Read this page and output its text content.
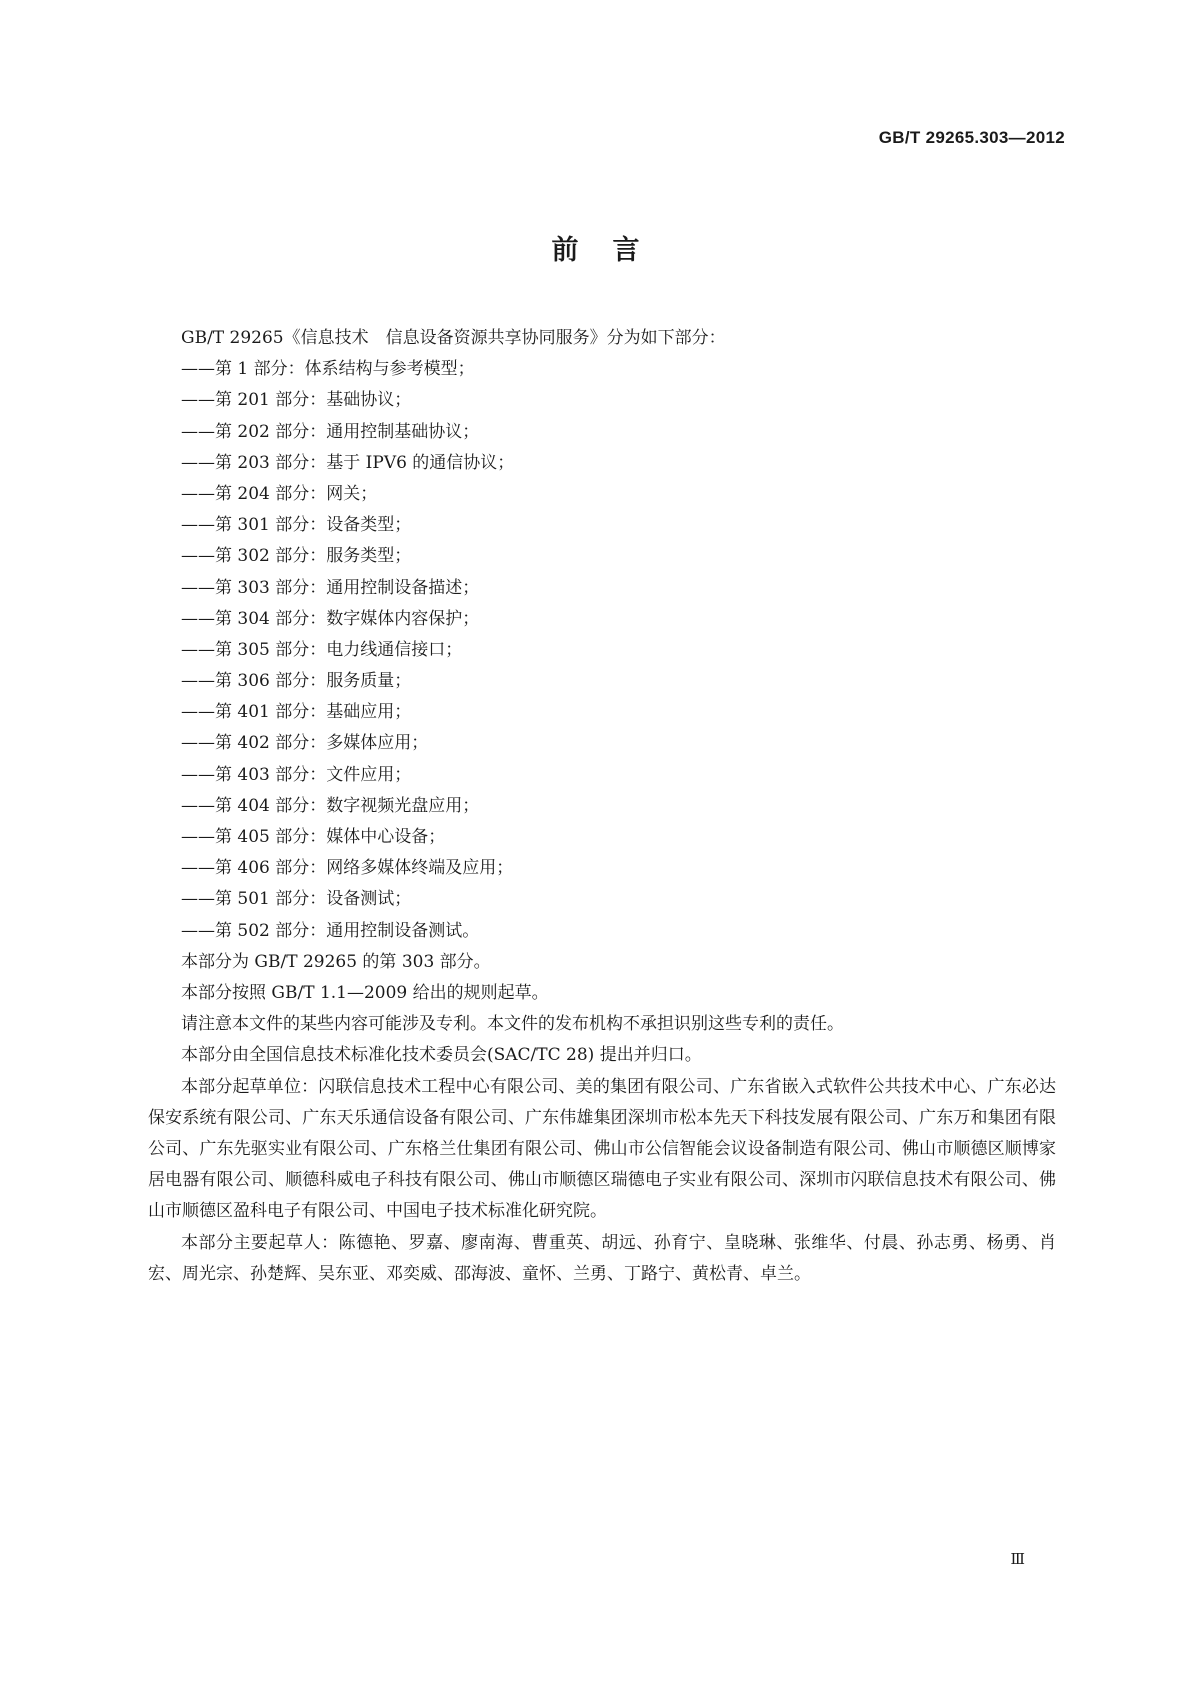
GB/T 29265.303—2012

前言

GB/T 29265《信息技术　信息设备资源共享协同服务》分为如下部分：

——第 1 部分：体系结构与参考模型；

——第 201 部分：基础协议；

——第 202 部分：通用控制基础协议；

——第 203 部分：基于 IPV6 的通信协议；

——第 204 部分：网关；

——第 301 部分：设备类型；

——第 302 部分：服务类型；

——第 303 部分：通用控制设备描述；

——第 304 部分：数字媒体内容保护；

——第 305 部分：电力线通信接口；

——第 306 部分：服务质量；

——第 401 部分：基础应用；

——第 402 部分：多媒体应用；

——第 403 部分：文件应用；

——第 404 部分：数字视频光盘应用；

——第 405 部分：媒体中心设备；

——第 406 部分：网络多媒体终端及应用；

——第 501 部分：设备测试；

——第 502 部分：通用控制设备测试。

本部分为 GB/T 29265 的第 303 部分。

本部分按照 GB/T 1.1—2009 给出的规则起草。

请注意本文件的某些内容可能涉及专利。本文件的发布机构不承担识别这些专利的责任。

本部分由全国信息技术标准化技术委员会(SAC/TC 28) 提出并归口。

本部分起草单位：闪联信息技术工程中心有限公司、美的集团有限公司、广东省嵌入式软件公共技术中心、广东必达保安系统有限公司、广东天乐通信设备有限公司、广东伟雄集团深圳市松本先天下科技发展有限公司、广东万和集团有限公司、广东先驱实业有限公司、广东格兰仕集团有限公司、佛山市公信智能会议设备制造有限公司、佛山市顺德区顺博家居电器有限公司、顺德科威电子科技有限公司、佛山市顺德区瑞德电子实业有限公司、深圳市闪联信息技术有限公司、佛山市顺德区盈科电子有限公司、中国电子技术标准化研究院。

本部分主要起草人：陈德艳、罗嘉、廖南海、曹重英、胡远、孙育宁、皇晓琳、张维华、付晨、孙志勇、杨勇、肖宏、周光宗、孙楚辉、吴东亚、邓奕威、邵海波、童怀、兰勇、丁路宁、黄松青、卓兰。

Ⅲ
